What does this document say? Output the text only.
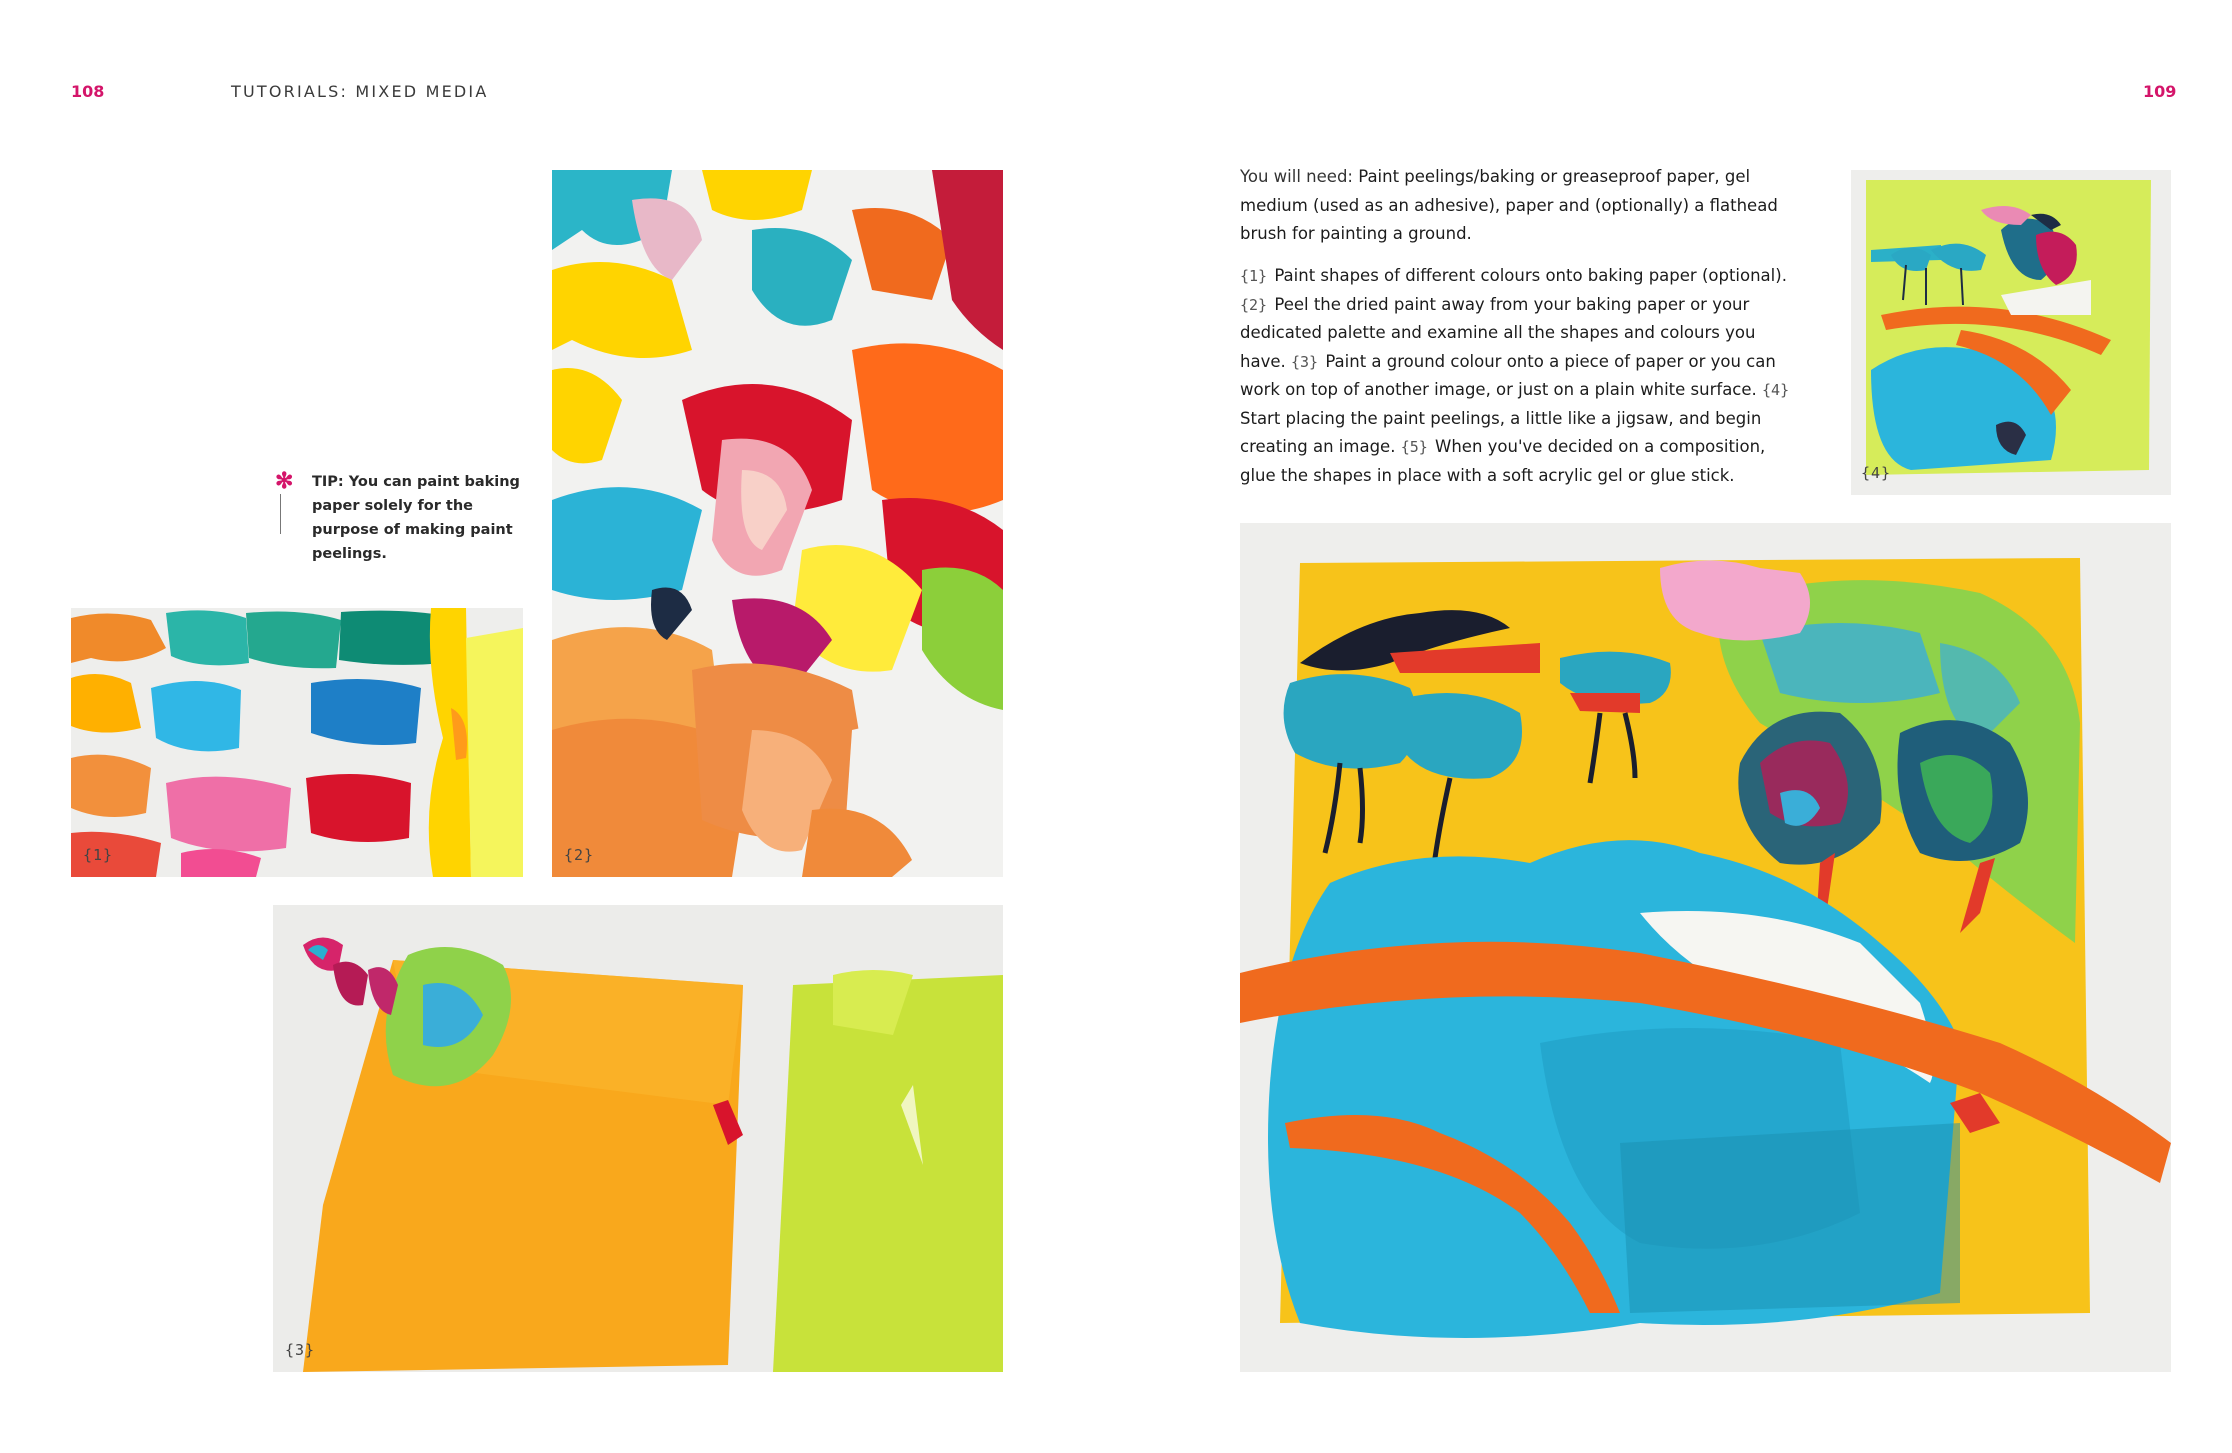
108	TUTORIALS: MIXED MEDIA	109
✻ TIP: You can paint baking paper solely for the purpose of making paint peelings.
{1}	{2}
{3}
{4}
You will need: Paint peelings/baking or greaseproof paper, gel medium (used as an adhesive), paper and (optionally) a flathead brush for painting a ground.
{1} Paint shapes of different colours onto baking paper (optional). {2} Peel the dried paint away from your baking paper or your dedicated palette and examine all the shapes and colours you have. {3} Paint a ground colour onto a piece of paper or you can work on top of another image, or just on a plain white surface. {4} Start placing the paint peelings, a little like a jigsaw, and begin creating an image. {5} When you've decided on a composition, glue the shapes in place with a soft acrylic gel or glue stick.
